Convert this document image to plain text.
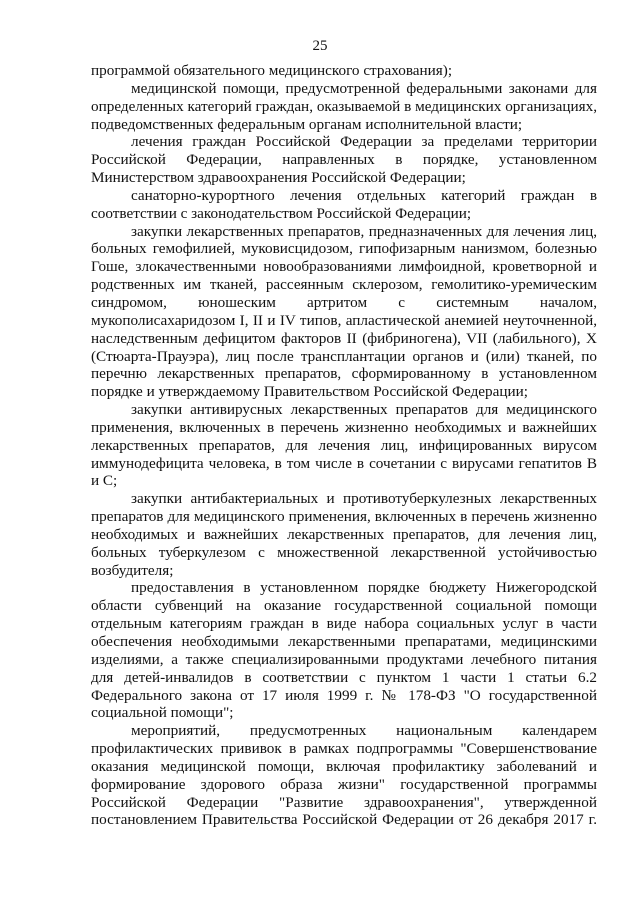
25

программой обязательного медицинского страхования);

медицинской помощи, предусмотренной федеральными законами для определенных категорий граждан, оказываемой в медицинских организациях, подведомственных федеральным органам исполнительной власти;

лечения граждан Российской Федерации за пределами территории Российской Федерации, направленных в порядке, установленном Министерством здравоохранения Российской Федерации;

санаторно-курортного лечения отдельных категорий граждан в соответствии с законодательством Российской Федерации;

закупки лекарственных препаратов, предназначенных для лечения лиц, больных гемофилией, муковисцидозом, гипофизарным нанизмом, болезнью Гоше, злокачественными новообразованиями лимфоидной, кроветворной и родственных им тканей, рассеянным склерозом, гемолитико-уремическим синдромом, юношеским артритом с системным началом, мукополисахаридозом I, II и IV типов, апластической анемией неуточненной, наследственным дефицитом факторов II (фибриногена), VII (лабильного), X (Стюарта-Прауэра), лиц после трансплантации органов и (или) тканей, по перечню лекарственных препаратов, сформированному в установленном порядке и утверждаемому Правительством Российской Федерации;

закупки антивирусных лекарственных препаратов для медицинского применения, включенных в перечень жизненно необходимых и важнейших лекарственных препаратов, для лечения лиц, инфицированных вирусом иммунодефицита человека, в том числе в сочетании с вирусами гепатитов B и C;

закупки антибактериальных и противотуберкулезных лекарственных препаратов для медицинского применения, включенных в перечень жизненно необходимых и важнейших лекарственных препаратов, для лечения лиц, больных туберкулезом с множественной лекарственной устойчивостью возбудителя;

предоставления в установленном порядке бюджету Нижегородской области субвенций на оказание государственной социальной помощи отдельным категориям граждан в виде набора социальных услуг в части обеспечения необходимыми лекарственными препаратами, медицинскими изделиями, а также специализированными продуктами лечебного питания для детей-инвалидов в соответствии с пунктом 1 части 1 статьи 6.2 Федерального закона от 17 июля 1999 г. № 178-ФЗ "О государственной социальной помощи";

мероприятий, предусмотренных национальным календарем профилактических прививок в рамках подпрограммы "Совершенствование оказания медицинской помощи, включая профилактику заболеваний и формирование здорового образа жизни" государственной программы Российской Федерации "Развитие здравоохранения", утвержденной постановлением Правительства Российской Федерации от 26 декабря 2017 г.
